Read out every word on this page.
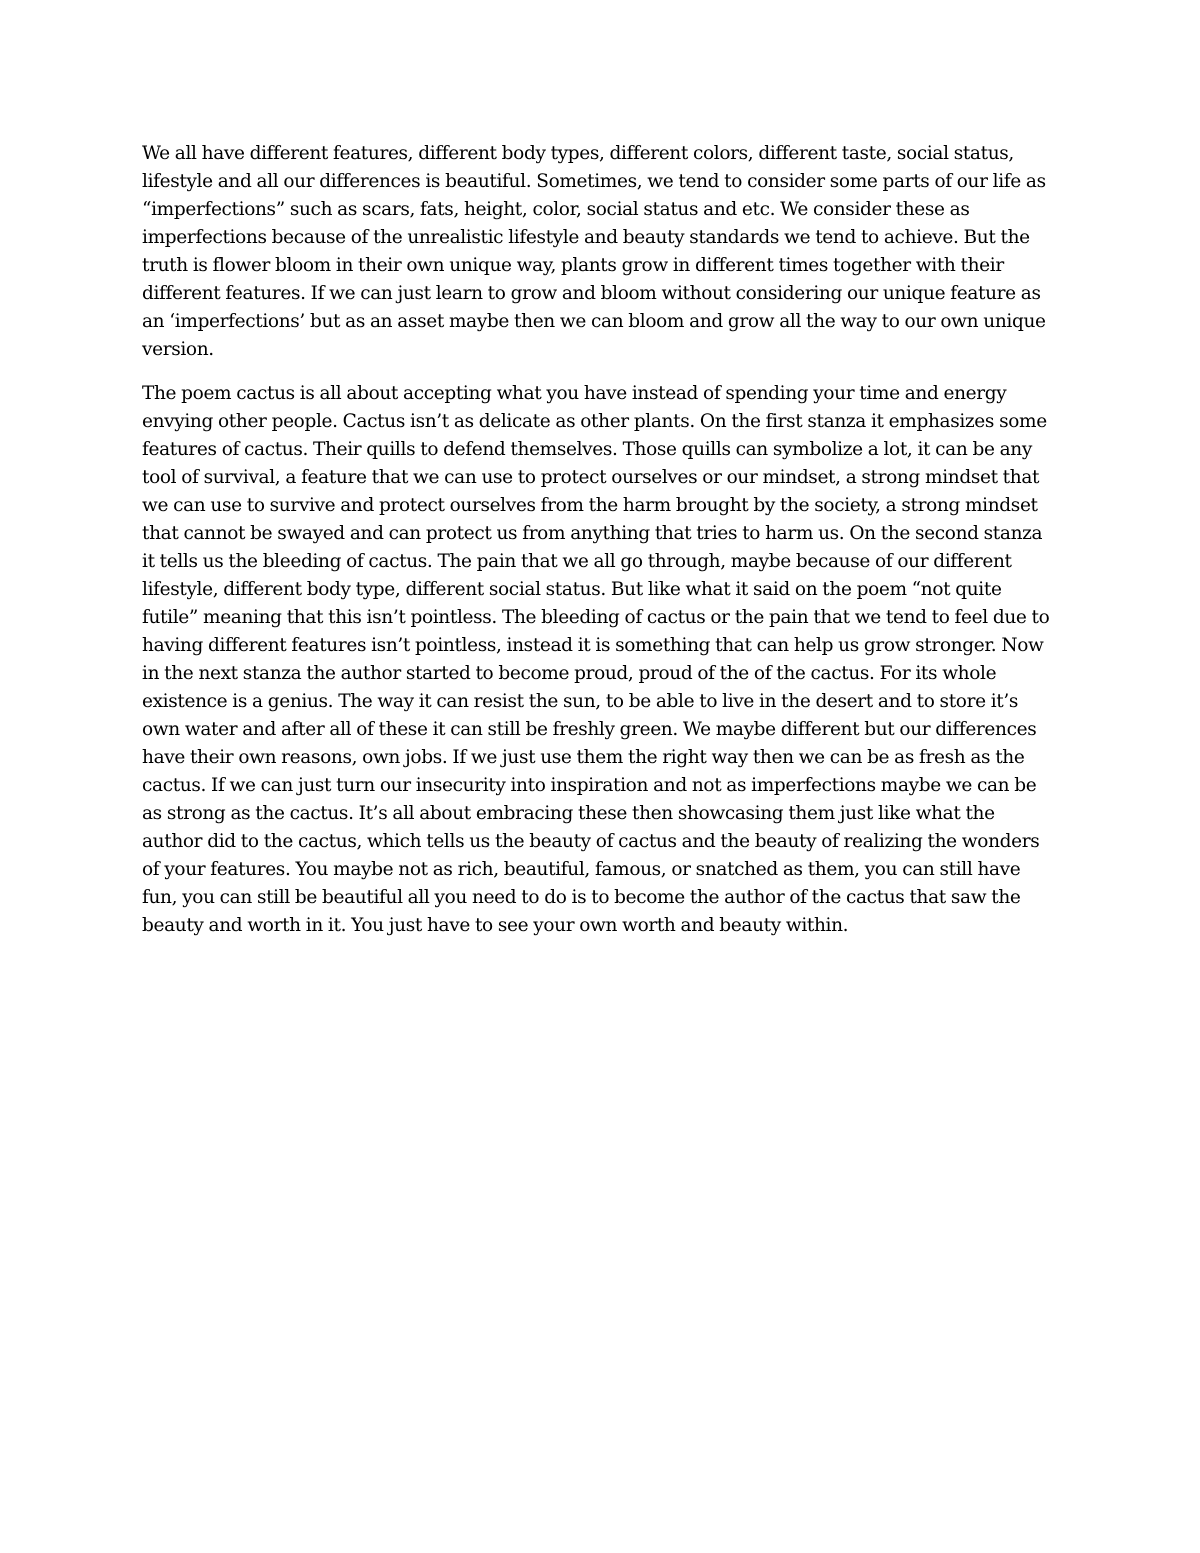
We all have different features, different body types, different colors, different taste, social status, lifestyle and all our differences is beautiful. Sometimes, we tend to consider some parts of our life as “imperfections” such as scars, fats, height, color, social status and etc. We consider these as imperfections because of the unrealistic lifestyle and beauty standards we tend to achieve. But the truth is flower bloom in their own unique way, plants grow in different times together with their different features. If we can just learn to grow and bloom without considering our unique feature as an ‘imperfections’ but as an asset maybe then we can bloom and grow all the way to our own unique version.

The poem cactus is all about accepting what you have instead of spending your time and energy envying other people. Cactus isn’t as delicate as other plants. On the first stanza it emphasizes some features of cactus. Their quills to defend themselves. Those quills can symbolize a lot, it can be any tool of survival, a feature that we can use to protect ourselves or our mindset, a strong mindset that we can use to survive and protect ourselves from the harm brought by the society, a strong mindset that cannot be swayed and can protect us from anything that tries to harm us. On the second stanza it tells us the bleeding of cactus. The pain that we all go through, maybe because of our different lifestyle, different body type, different social status. But like what it said on the poem “not quite futile” meaning that this isn’t pointless. The bleeding of cactus or the pain that we tend to feel due to having different features isn’t pointless, instead it is something that can help us grow stronger. Now in the next stanza the author started to become proud, proud of the of the cactus. For its whole existence is a genius. The way it can resist the sun, to be able to live in the desert and to store it’s own water and after all of these it can still be freshly green. We maybe different but our differences have their own reasons, own jobs. If we just use them the right way then we can be as fresh as the cactus. If we can just turn our insecurity into inspiration and not as imperfections maybe we can be as strong as the cactus. It’s all about embracing these then showcasing them just like what the author did to the cactus, which tells us the beauty of cactus and the beauty of realizing the wonders of your features. You maybe not as rich, beautiful, famous, or snatched as them, you can still have fun, you can still be beautiful all you need to do is to become the author of the cactus that saw the beauty and worth in it. You just have to see your own worth and beauty within.
